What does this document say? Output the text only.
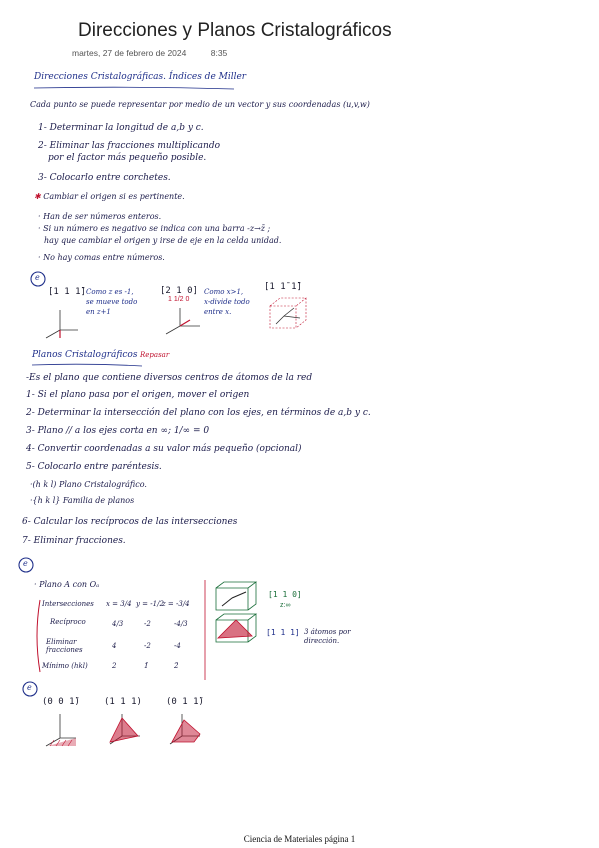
Direcciones y Planos Cristalográficos
martes, 27 de febrero de 2024	8:35
Direcciones Cristalográficas. Índices de Miller
Cada punto se puede representar por medio de un vector y sus coordenadas (u,v,w)
1- Determinar la longitud de a,b y c.
2- Eliminar las fracciones multiplicando
por el factor más pequeño posible.
3- Colocarlo entre corchetes.
✱ Cambiar el origen si es pertinente.
· Han de ser números enteros.
· Si un número es negativo se indica con una barra -z→z̄ ;
hay que cambiar el origen y irse de eje en la celda unidad.
· No hay comas entre números.
e
[1 1 1̄] Como z es -1,
se mueve todo
en z+1
[2 1 0]
1 1/2 0
Como x>1,
x-divide todo
entre x.
[1 1̄ 1̄]
Planos Cristalográficos Repasar
-Es el plano que contiene diversos centros de átomos de la red
1- Si el plano pasa por el origen, mover el origen
2- Determinar la intersección del plano con los ejes, en términos de a,b y c.
3- Plano // a los ejes corta en ∞; 1/∞ = 0
4- Convertir coordenadas a su valor más pequeño (opcional)
5- Colocarlo entre paréntesis.
·(h k l) Plano Cristalográfico.
·{h k l} Familia de planos
6- Calcular los recíprocos de las intersecciones
7- Eliminar fracciones.
e
· Plano A con Oₐ
Intersecciones x = 3/4 y = -1/2
z = -3/4
Recíproco	4/3	-2	-4/3
Eliminar fracciones	4	-2	-4
Mínimo (hkl)	2	1̄	2̄
[1 1 0]
z:∞
[1 1 1] 3 átomos por dirección.
e
(0 0 1̄)	(1 1 1)	(0 1 1̄)
Ciencia de Materiales página 1
